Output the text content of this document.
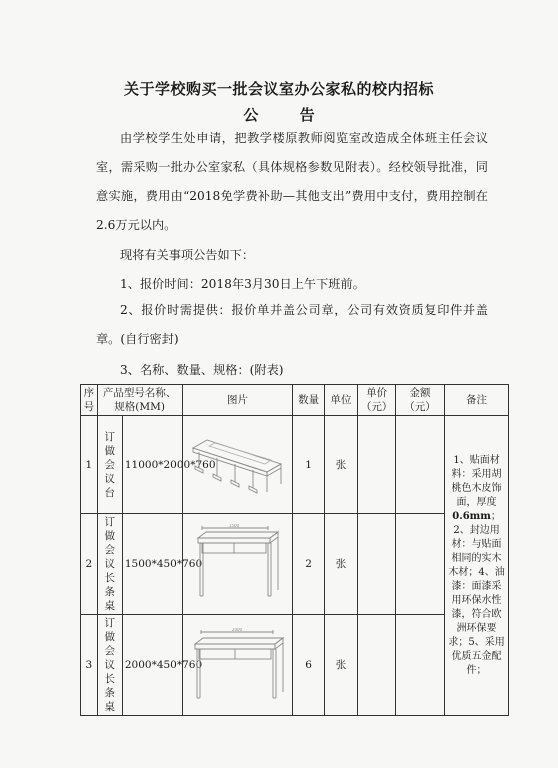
关于学校购买一批会议室办公家私的校内招标
公 告
由学校学生处申请，把教学楼原教师阅览室改造成全体班主任会议室，需采购一批办公室家私（具体规格参数见附表）。经校领导批准，同意实施，费用由“2018免学费补助—其他支出”费用中支付，费用控制在2.6万元以内。
现将有关事项公告如下：
1、报价时间：2018年3月30日上午下班前。
2、报价时需提供：报价单并盖公司章，公司有效资质复印件并盖章。(自行密封)
3、名称、数量、规格：(附表)
序号	产品型号名称、规格(MM)		图片	数量	单位	单价（元）	金额（元）	备注
1	订做会议台	11000*2000*760		1	张			1、贴面材料：采用胡桃色木皮饰面，厚度0.6mm；2、封边用材：与贴面相同的实木木材；4、油漆：面漆采用环保水性漆，符合欧洲环保要求；5、采用优质五金配件；
2	订做会议长条桌	1500*450*760	1500	2	张			
3	订做会议长条桌	2000*450*760	2000	6	张			
